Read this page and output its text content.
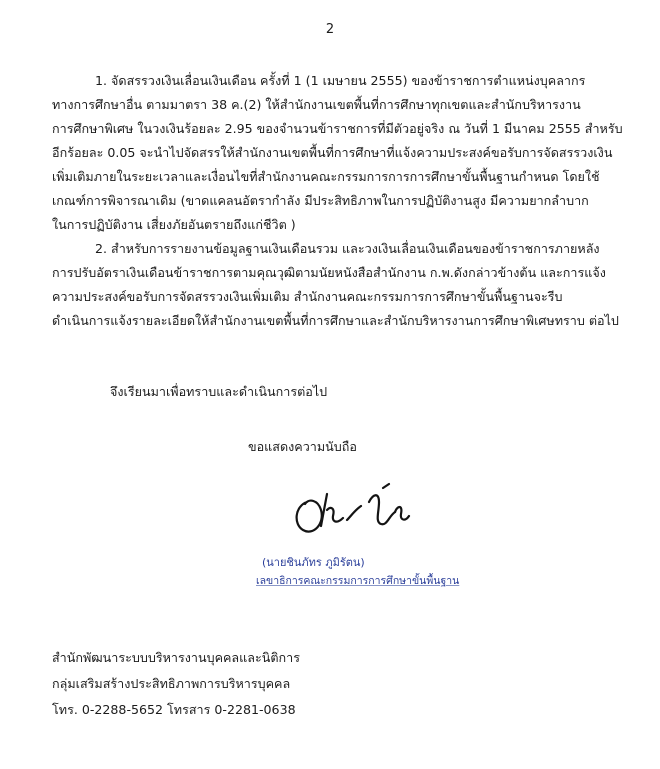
2
1. จัดสรรวงเงินเลื่อนเงินเดือน ครั้งที่ 1 (1 เมษายน 2555) ของข้าราชการตำแหน่งบุคลากร
ทางการศึกษาอื่น ตามมาตรา 38 ค.(2) ให้สำนักงานเขตพื้นที่การศึกษาทุกเขตและสำนักบริหารงาน
การศึกษาพิเศษ ในวงเงินร้อยละ 2.95 ของจำนวนข้าราชการที่มีตัวอยู่จริง ณ วันที่ 1 มีนาคม 2555 สำหรับ
อีกร้อยละ 0.05 จะนำไปจัดสรรให้สำนักงานเขตพื้นที่การศึกษาที่แจ้งความประสงค์ขอรับการจัดสรรวงเงิน
เพิ่มเติมภายในระยะเวลาและเงื่อนไขที่สำนักงานคณะกรรมการการการศึกษาขั้นพื้นฐานกำหนด โดยใช้
เกณฑ์การพิจารณาเดิม (ขาดแคลนอัตรากำลัง มีประสิทธิภาพในการปฏิบัติงานสูง มีความยากลำบาก
ในการปฏิบัติงาน เสี่ยงภัยอันตรายถึงแก่ชีวิต )
2. สำหรับการรายงานข้อมูลฐานเงินเดือนรวม และวงเงินเลื่อนเงินเดือนของข้าราชการภายหลัง
การปรับอัตราเงินเดือนข้าราชการตามคุณวุฒิตามนัยหนังสือสำนักงาน ก.พ.ดังกล่าวข้างต้น และการแจ้ง
ความประสงค์ขอรับการจัดสรรวงเงินเพิ่มเติม สำนักงานคณะกรรมการการศึกษาขั้นพื้นฐานจะรีบ
ดำเนินการแจ้งรายละเอียดให้สำนักงานเขตพื้นที่การศึกษาและสำนักบริหารงานการศึกษาพิเศษทราบ ต่อไป
จึงเรียนมาเพื่อทราบและดำเนินการต่อไป
ขอแสดงความนับถือ
(นายชินภัทร ภูมิรัตน)
เลขาธิการคณะกรรมการการศึกษาขั้นพื้นฐาน
สำนักพัฒนาระบบบริหารงานบุคคลและนิติการ
กลุ่มเสริมสร้างประสิทธิภาพการบริหารบุคคล
โทร. 0-2288-5652 โทรสาร 0-2281-0638
